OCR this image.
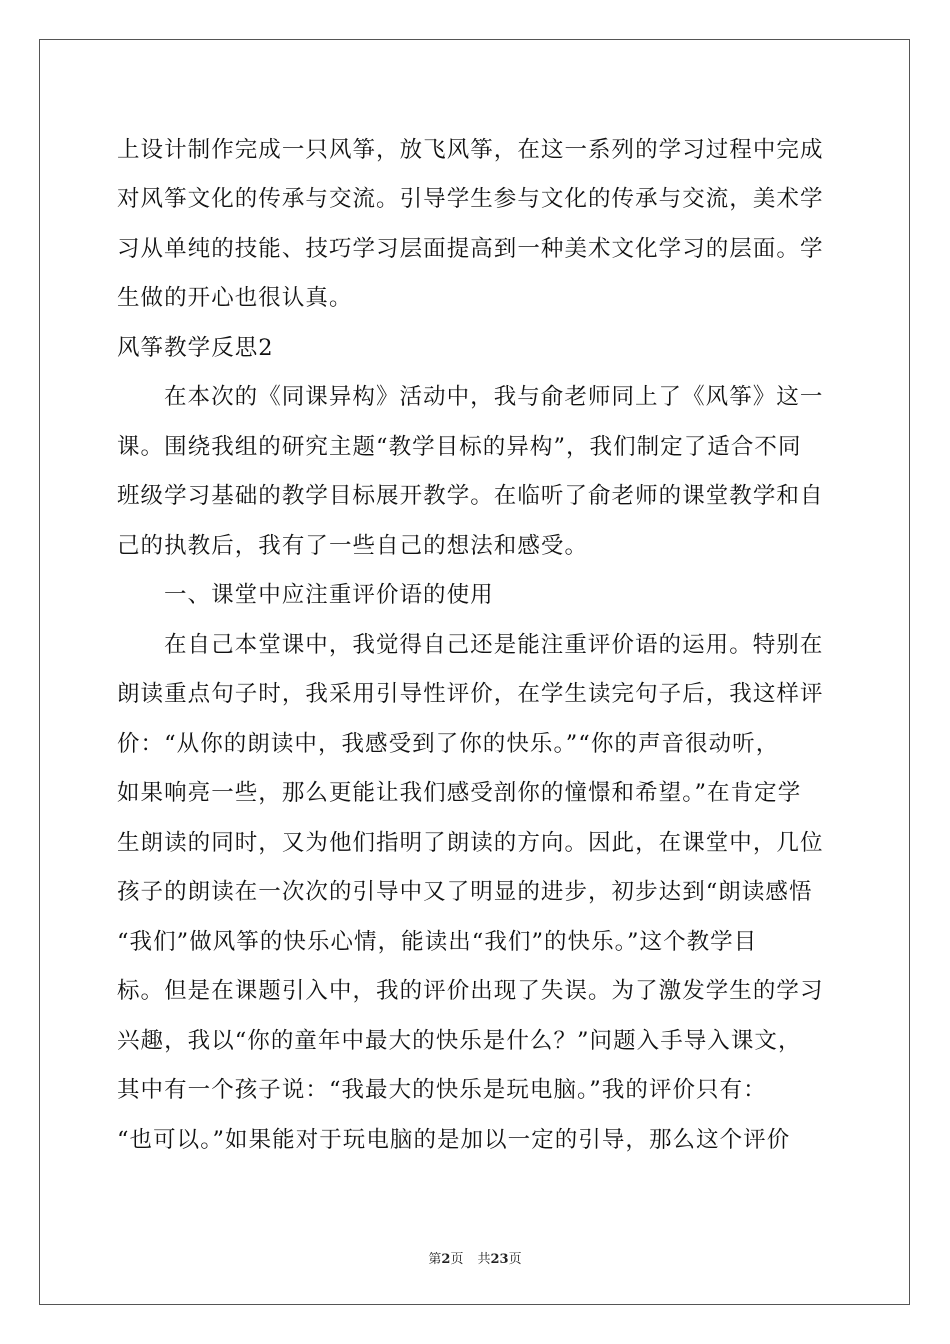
上设计制作完成一只风筝，放飞风筝，在这一系列的学习过程中完成
对风筝文化的传承与交流。引导学生参与文化的传承与交流，美术学
习从单纯的技能、技巧学习层面提高到一种美术文化学习的层面。学
生做的开心也很认真。
风筝教学反思2
在本次的《同课异构》活动中，我与俞老师同上了《风筝》这一
课。围绕我组的研究主题“教学目标的异构”，我们制定了适合不同
班级学习基础的教学目标展开教学。在临听了俞老师的课堂教学和自
己的执教后，我有了一些自己的想法和感受。
一、课堂中应注重评价语的使用
在自己本堂课中，我觉得自己还是能注重评价语的运用。特别在
朗读重点句子时，我采用引导性评价，在学生读完句子后，我这样评
价：“从你的朗读中，我感受到了你的快乐。”“你的声音很动听，
如果响亮一些，那么更能让我们感受剖你的憧憬和希望。”在肯定学
生朗读的同时，又为他们指明了朗读的方向。因此，在课堂中，几位
孩子的朗读在一次次的引导中又了明显的进步，初步达到“朗读感悟
“我们”做风筝的快乐心情，能读出“我们”的快乐。”这个教学目
标。但是在课题引入中，我的评价出现了失误。为了激发学生的学习
兴趣，我以“你的童年中最大的快乐是什么？”问题入手导入课文，
其中有一个孩子说：“我最大的快乐是玩电脑。”我的评价只有：
“也可以。”如果能对于玩电脑的是加以一定的引导，那么这个评价
第2页 共23页
